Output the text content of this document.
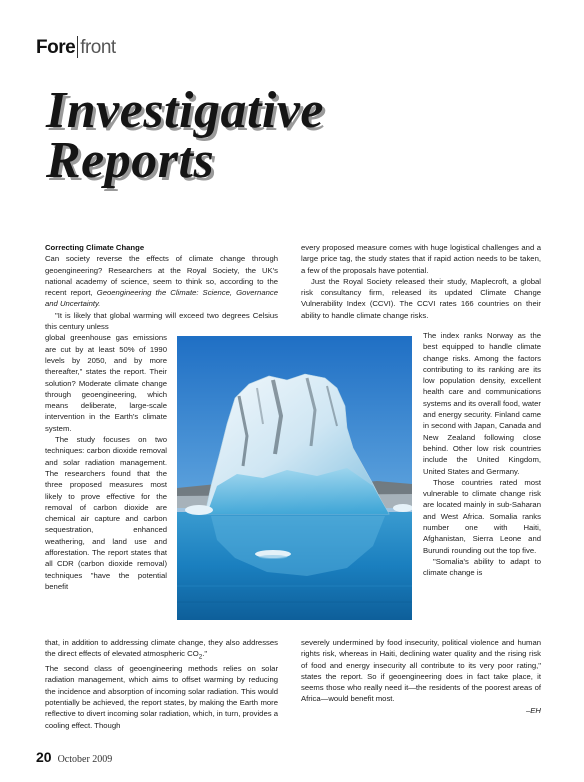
Fore front
Investigative
Reports

Correcting Climate Change

Can society reverse the effects of climate change through geoengineering? Researchers at the Royal Society, the UK's national academy of science, seem to think so, according to the recent report, Geoengineering the Climate: Science, Governance and Uncertainty.

"It is likely that global warming will exceed two degrees Celsius this century unless

global greenhouse gas emissions are cut by at least 50% of 1990 levels by 2050, and by more thereafter," states the report. Their solution? Moderate climate change through geoengineering, which means deliberate, large-scale intervention in the Earth's climate system.

The study focuses on two techniques: carbon dioxide removal and solar radiation management. The researchers found that the three proposed measures most likely to prove effective for the removal of carbon dioxide are chemical air capture and carbon sequestration, enhanced weathering, and land use and afforestation. The report states that all CDR (carbon dioxide removal) techniques "have the potential benefit

every proposed measure comes with huge logistical challenges and a large price tag, the study states that if rapid action needs to be taken, a few of the proposals have potential.

Just the Royal Society released their study, Maplecroft, a global risk consultancy firm, released its updated Climate Change Vulnerability Index (CCVI). The CCVI rates 166 countries on their ability to handle climate change risks.

The index ranks Norway as the best equipped to handle climate change risks. Among the factors contributing to its ranking are its low population density, excellent health care and communications systems and its overall food, water and energy security. Finland came in second with Japan, Canada and New Zealand following close behind. Other low risk countries include the United Kingdom, United States and Germany.

Those countries rated most vulnerable to climate change risk are located mainly in sub-Saharan and West Africa. Somalia ranks number one with Haiti, Afghanistan, Sierra Leone and Burundi rounding out the top five.

"Somalia's ability to adapt to climate change is

that, in addition to addressing climate change, they also addresses the direct effects of elevated atmospheric $CO_2$."

The second class of geoengineering methods relies on solar radiation management, which aims to offset warming by reducing the incidence and absorption of incoming solar radiation. This would potentially be achieved, the report states, by making the Earth more reflective to divert incoming solar radiation, which, in turn, provides a cooling effect. Though

severely undermined by food insecurity, political violence and human rights risk, whereas in Haiti, declining water quality and the rising risk of food and energy insecurity all contribute to its very poor rating," states the report. So if geoengineering does in fact take place, it seems those who really need it—the residents of the poorest areas of Africa—would benefit most.

–EH

20 October 2009
